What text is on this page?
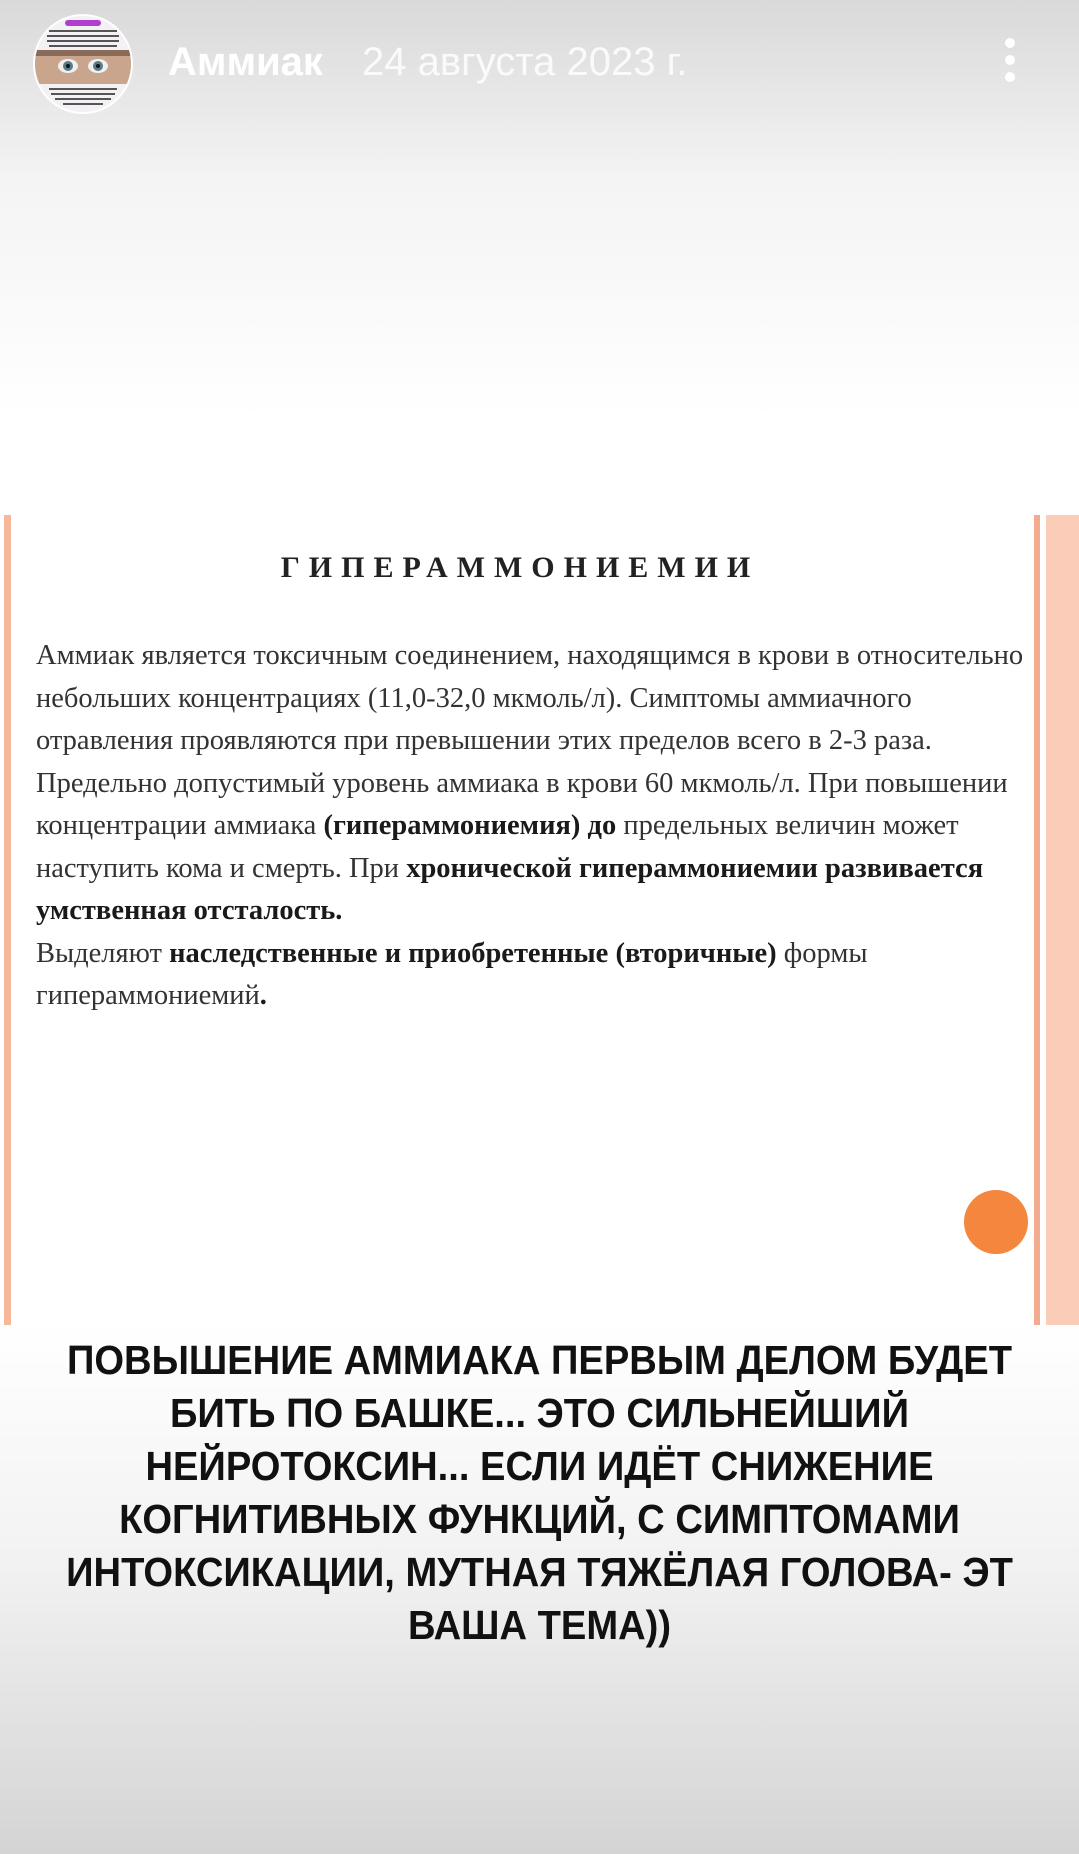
Аммиак 24 августа 2023 г.
ГИПЕРАММОНИЕМИИ

Аммиак является токсичным соединением, находящимся в крови в относительно небольших концентрациях (11,0-32,0 мкмоль/л). Симптомы аммиачного отравления проявляются при превышении этих пределов всего в 2-3 раза. Предельно допустимый уровень аммиака в крови 60 мкмоль/л. При повышении концентрации аммиака (гипераммониемия) до предельных величин может наступить кома и смерть. При хронической гипераммониемии развивается умственная отсталость.

Выделяют наследственные и приобретенные (вторичные) формы гипераммониемий.

ПОВЫШЕНИЕ АММИАКА ПЕРВЫМ ДЕЛОМ БУДЕТ БИТЬ ПО БАШКЕ... ЭТО СИЛЬНЕЙШИЙ НЕЙРОТОКСИН... ЕСЛИ ИДЁТ СНИЖЕНИЕ КОГНИТИВНЫХ ФУНКЦИЙ, С СИМПТОМАМИ ИНТОКСИКАЦИИ, МУТНАЯ ТЯЖЁЛАЯ ГОЛОВА- ЭТ ВАША ТЕМА))
